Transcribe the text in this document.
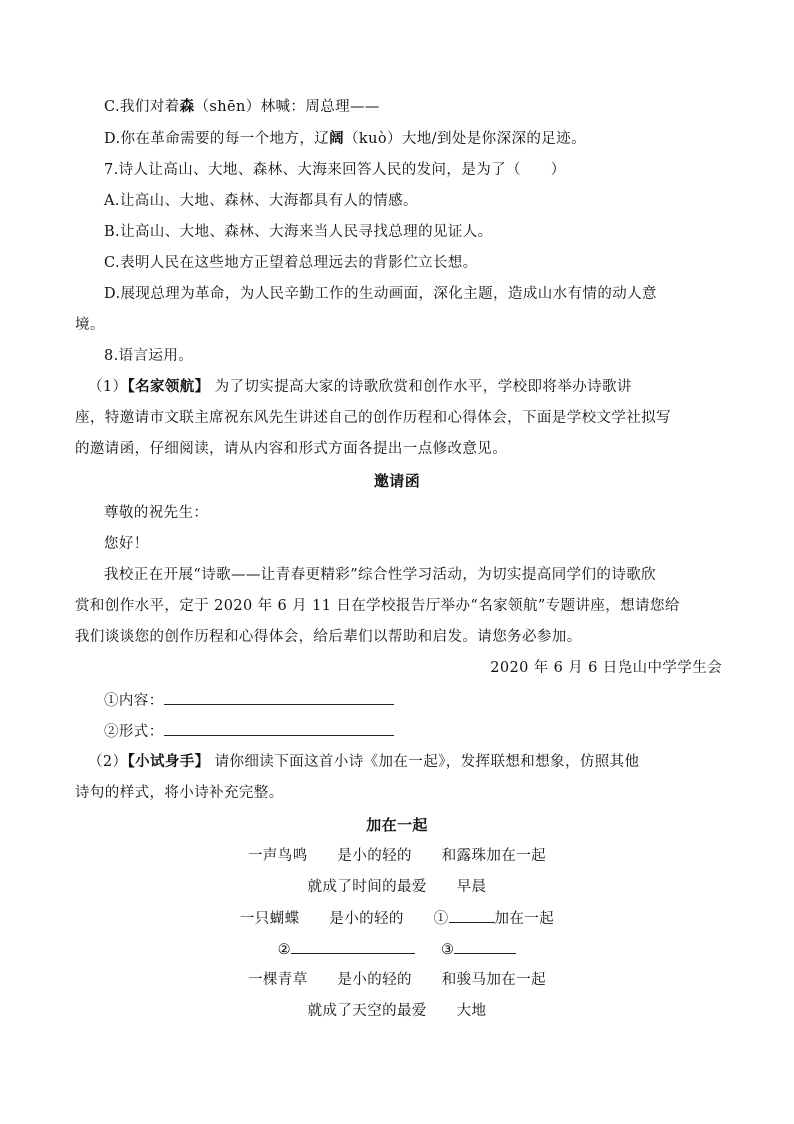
C.我们对着森（shēn）林喊：周总理——
D.你在革命需要的每一个地方，辽阔（kuò）大地/到处是你深深的足迹。
7.诗人让高山、大地、森林、大海来回答人民的发问，是为了（　　）
A.让高山、大地、森林、大海都具有人的情感。
B.让高山、大地、森林、大海来当人民寻找总理的见证人。
C.表明人民在这些地方正望着总理远去的背影伫立长想。
D.展现总理为革命，为人民辛勤工作的生动画面，深化主题，造成山水有情的动人意
境。
8.语言运用。
（1）【名家领航】 为了切实提高大家的诗歌欣赏和创作水平，学校即将举办诗歌讲
座，特邀请市文联主席祝东风先生讲述自己的创作历程和心得体会，下面是学校文学社拟写
的邀请函，仔细阅读，请从内容和形式方面各提出一点修改意见。
邀请函
尊敬的祝先生：
您好！
我校正在开展“诗歌——让青春更精彩”综合性学习活动，为切实提高同学们的诗歌欣
赏和创作水平，定于 2020 年 6 月 11 日在学校报告厅举办“名家领航”专题讲座，想请您给
我们谈谈您的创作历程和心得体会，给后辈们以帮助和启发。请您务必参加。
2020 年 6 月 6 日凫山中学学生会
①内容：
②形式：
（2）【小试身手】 请你细读下面这首小诗《加在一起》，发挥联想和想象，仿照其他
诗句的样式，将小诗补充完整。
加在一起
一声鸟鸣　　是小的轻的　　和露珠加在一起
就成了时间的最爱　　早晨
一只蝴蝶　　是小的轻的　　①	加在一起
②	③
一棵青草　　是小的轻的　　和骏马加在一起
就成了天空的最爱　　大地
